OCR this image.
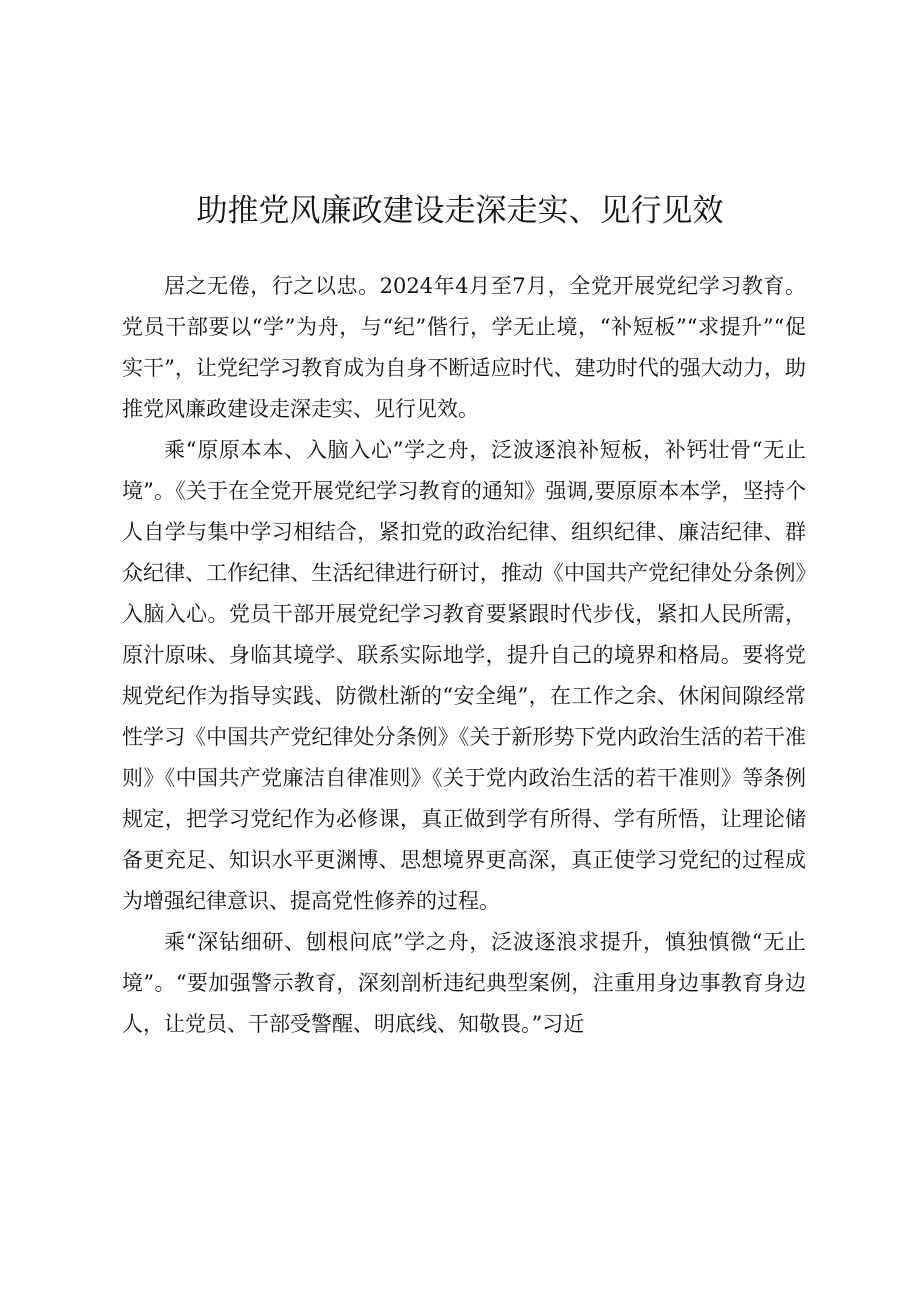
助推党风廉政建设走深走实、见行见效

居之无倦，行之以忠。2024年4月至7月，全党开展党纪学习教育。党员干部要以“学”为舟，与“纪”偕行，学无止境，“补短板”“求提升”“促实干”，让党纪学习教育成为自身不断适应时代、建功时代的强大动力，助推党风廉政建设走深走实、见行见效。

乘“原原本本、入脑入心”学之舟，泛波逐浪补短板，补钙壮骨“无止境”。《关于在全党开展党纪学习教育的通知》强调,要原原本本学，坚持个人自学与集中学习相结合，紧扣党的政治纪律、组织纪律、廉洁纪律、群众纪律、工作纪律、生活纪律进行研讨，推动《中国共产党纪律处分条例》入脑入心。党员干部开展党纪学习教育要紧跟时代步伐，紧扣人民所需，原汁原味、身临其境学、联系实际地学，提升自己的境界和格局。要将党规党纪作为指导实践、防微杜渐的“安全绳”，在工作之余、休闲间隙经常性学习《中国共产党纪律处分条例》《关于新形势下党内政治生活的若干准则》《中国共产党廉洁自律准则》《关于党内政治生活的若干准则》等条例规定，把学习党纪作为必修课，真正做到学有所得、学有所悟，让理论储备更充足、知识水平更渊博、思想境界更高深，真正使学习党纪的过程成为增强纪律意识、提高党性修养的过程。

乘“深钻细研、刨根问底”学之舟，泛波逐浪求提升，慎独慎微“无止境”。“要加强警示教育，深刻剖析违纪典型案例，注重用身边事教育身边人，让党员、干部受警醒、明底线、知敬畏。”习近
